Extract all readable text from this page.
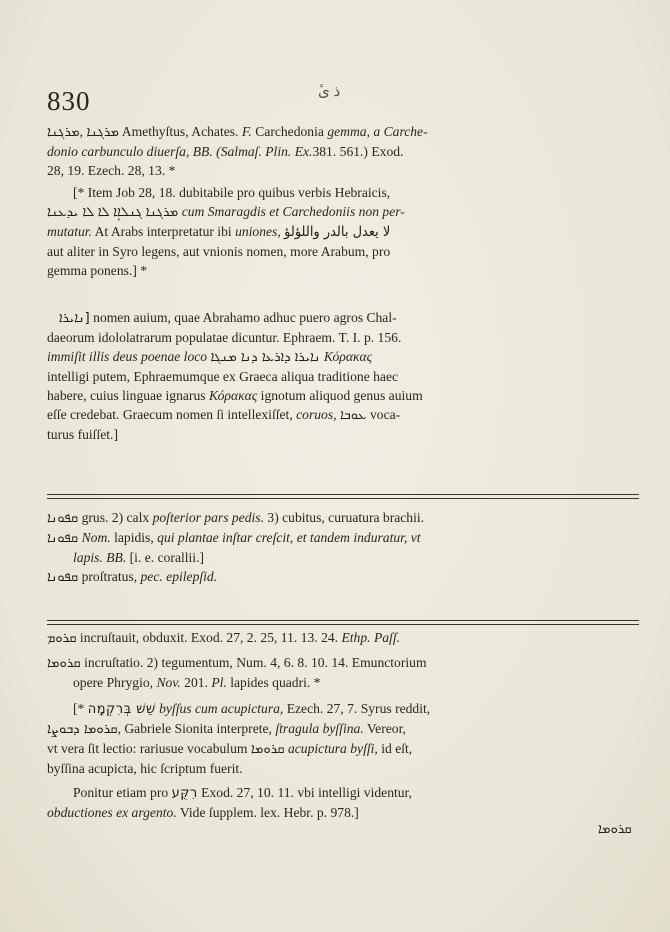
830	ٔذ ى
ܡܪܓܢܐ, ܡܪܓܢܐ Amethyſtus, Achates. F. Carchedonia gemma, a Carche-
donio carbunculo diuerſa, BB. (Salmaſ. Plin. Ex.381. 561.) Exod.
28, 19. Ezech. 28, 13. *
[* Item Job 28, 18. dubitabile pro quibus verbis Hebraicis,
ܠܐ ܝܕܥܢܐ ܠܐ ܓܢܠܐܸܐ ܡܪܓܢܐ cum Smaragdis et Carchedoniis non per-
mutatur. At Arabs interpretatur ibi uniones, لا يعدل بالدر واللؤلؤ
aut aliter in Syro legens, aut vnionis nomen, more Arabum, pro
gemma ponens.] *
[ܢܐܝܪܐ nomen auium, quae Abrahamo adhuc puero agros Chal-
daeorum idololatrarum populatae dicuntur. Ephraem. T. I. p. 156.
immiſit illis deus poenae loco ܢܐܝܪܐ ܕܐܪܥܐ ܕܢܐ ܡܢܓܐ Κόρακας
intelligi putem, Ephraemumque ex Graeca aliqua traditione haec
habere, cuius linguae ignarus Κόρακας ignotum aliquod genus auium
eſſe credebat. Graecum nomen ſi intellexiſſet, coruos, ܥܘܒܐ voca-
turus fuiſſet.]
ܩܦܘܢܐ grus. 2) calx poſterior pars pedis. 3) cubitus, curuatura brachii.
ܩܦܘܢܐ Nom. lapidis, qui plantae inſtar creſcit, et tandem induratur, vt
lapis. BB. [i. e. corallii.]
ܩܦܘܢܐ proſtratus, pec. epilepſid.
ܩܪܘܡ incruſtauit, obduxit. Exod. 27, 2. 25, 11. 13. 24. Ethp. Paſſ.
ܩܪܘܡܐ incruſtatio. 2) tegumentum, Num. 4, 6. 8. 10. 14. Emunctorium
opere Phrygio, Nov. 201. Pl. lapides quadri. *
[* שֵׁשׁ בְּרִקְמָה byſſus cum acupictura, Ezech. 27, 7. Syrus reddit,
ܩܪܘܡܐ ܕܒܘܨܐ, Gabriele Sionita interprete, ſtragula byſſina. Vereor,
vt vera ſit lectio: rariusue vocabulum ܩܪܘܡܐ acupictura byſſi, id eſt,
byſſina acupicta, hic ſcriptum fuerit.
Ponitur etiam pro רִקֻּע Exod. 27, 10. 11. vbi intelligi videntur,
obductiones ex argento. Vide ſupplem. lex. Hebr. p. 978.]
ܩܪܘܡܐ
